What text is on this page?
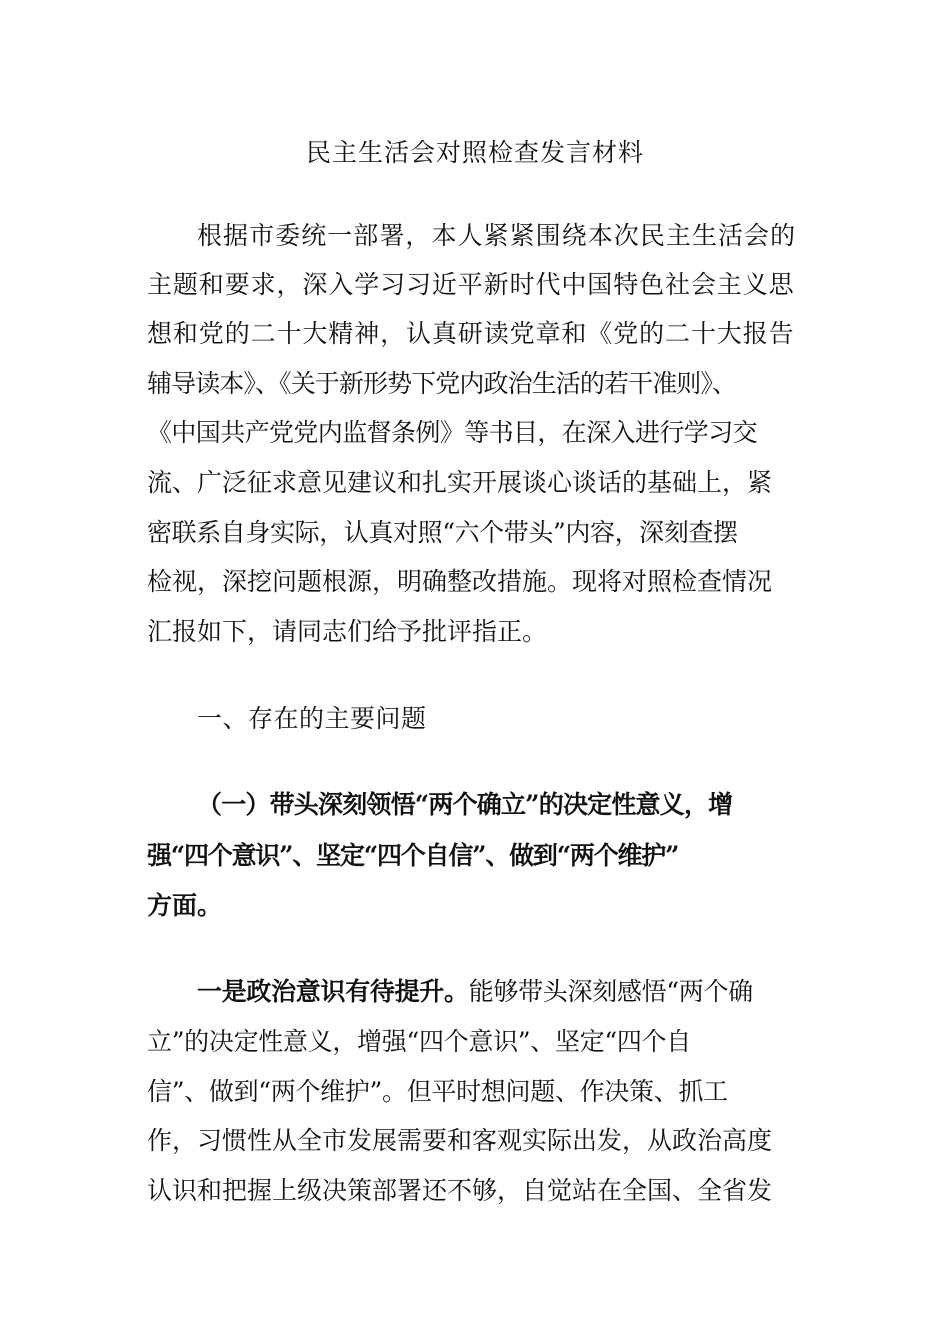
民主生活会对照检查发言材料
根据市委统一部署，本人紧紧围绕本次民主生活会的
主题和要求，深入学习习近平新时代中国特色社会主义思
想和党的二十大精神，认真研读党章和《党的二十大报告
辅导读本》、《关于新形势下党内政治生活的若干准则》、
《中国共产党党内监督条例》等书目，在深入进行学习交
流、广泛征求意见建议和扎实开展谈心谈话的基础上，紧
密联系自身实际，认真对照“六个带头”内容，深刻查摆
检视，深挖问题根源，明确整改措施。现将对照检查情况
汇报如下，请同志们给予批评指正。
一、存在的主要问题
（一）带头深刻领悟“两个确立”的决定性意义，增
强“四个意识”、坚定“四个自信”、做到“两个维护”
方面。
一是政治意识有待提升。能够带头深刻感悟“两个确
立”的决定性意义，增强“四个意识”、坚定“四个自
信”、做到“两个维护”。但平时想问题、作决策、抓工
作，习惯性从全市发展需要和客观实际出发，从政治高度
认识和把握上级决策部署还不够，自觉站在全国、全省发
